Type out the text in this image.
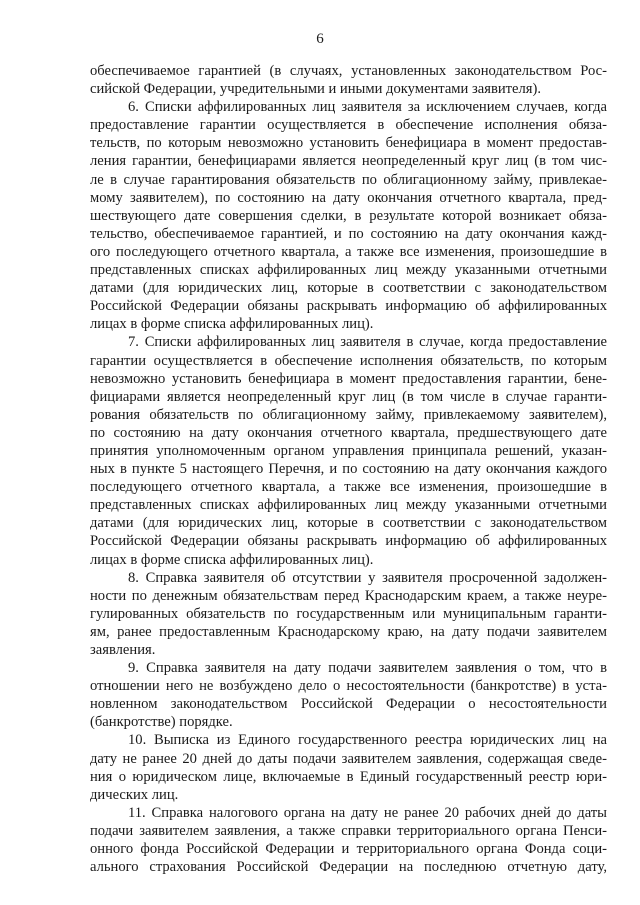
6
обеспечиваемое гарантией (в случаях, установленных законодательством Рос-
сийской Федерации, учредительными и иными документами заявителя).
6. Списки аффилированных лиц заявителя за исключением случаев, когда
предоставление гарантии осуществляется в обеспечение исполнения обяза-
тельств, по которым невозможно установить бенефициара в момент предостав-
ления гарантии, бенефициарами является неопределенный круг лиц (в том чис-
ле в случае гарантирования обязательств по облигационному займу, привлекае-
мому заявителем), по состоянию на дату окончания отчетного квартала, пред-
шествующего дате совершения сделки, в результате которой возникает обяза-
тельство, обеспечиваемое гарантией, и по состоянию на дату окончания кажд-
ого последующего отчетного квартала, а также все изменения, произошедшие в
представленных списках аффилированных лиц между указанными отчетными
датами (для юридических лиц, которые в соответствии с законодательством
Российской Федерации обязаны раскрывать информацию об аффилированных
лицах в форме списка аффилированных лиц).
7. Списки аффилированных лиц заявителя в случае, когда предоставление
гарантии осуществляется в обеспечение исполнения обязательств, по которым
невозможно установить бенефициара в момент предоставления гарантии, бене-
фициарами является неопределенный круг лиц (в том числе в случае гаранти-
рования обязательств по облигационному займу, привлекаемому заявителем),
по состоянию на дату окончания отчетного квартала, предшествующего дате
принятия уполномоченным органом управления принципала решений, указан-
ных в пункте 5 настоящего Перечня, и по состоянию на дату окончания каждого
последующего отчетного квартала, а также все изменения, произошедшие в
представленных списках аффилированных лиц между указанными отчетными
датами (для юридических лиц, которые в соответствии с законодательством
Российской Федерации обязаны раскрывать информацию об аффилированных
лицах в форме списка аффилированных лиц).
8. Справка заявителя об отсутствии у заявителя просроченной задолжен-
ности по денежным обязательствам перед Краснодарским краем, а также неуре-
гулированных обязательств по государственным или муниципальным гаранти-
ям, ранее предоставленным Краснодарскому краю, на дату подачи заявителем
заявления.
9. Справка заявителя на дату подачи заявителем заявления о том, что в
отношении него не возбуждено дело о несостоятельности (банкротстве) в уста-
новленном законодательством Российской Федерации о несостоятельности
(банкротстве) порядке.
10. Выписка из Единого государственного реестра юридических лиц на
дату не ранее 20 дней до даты подачи заявителем заявления, содержащая сведе-
ния о юридическом лице, включаемые в Единый государственный реестр юри-
дических лиц.
11. Справка налогового органа на дату не ранее 20 рабочих дней до даты
подачи заявителем заявления, а также справки территориального органа Пенси-
онного фонда Российской Федерации и территориального органа Фонда соци-
ального страхования Российской Федерации на последнюю отчетную дату,
